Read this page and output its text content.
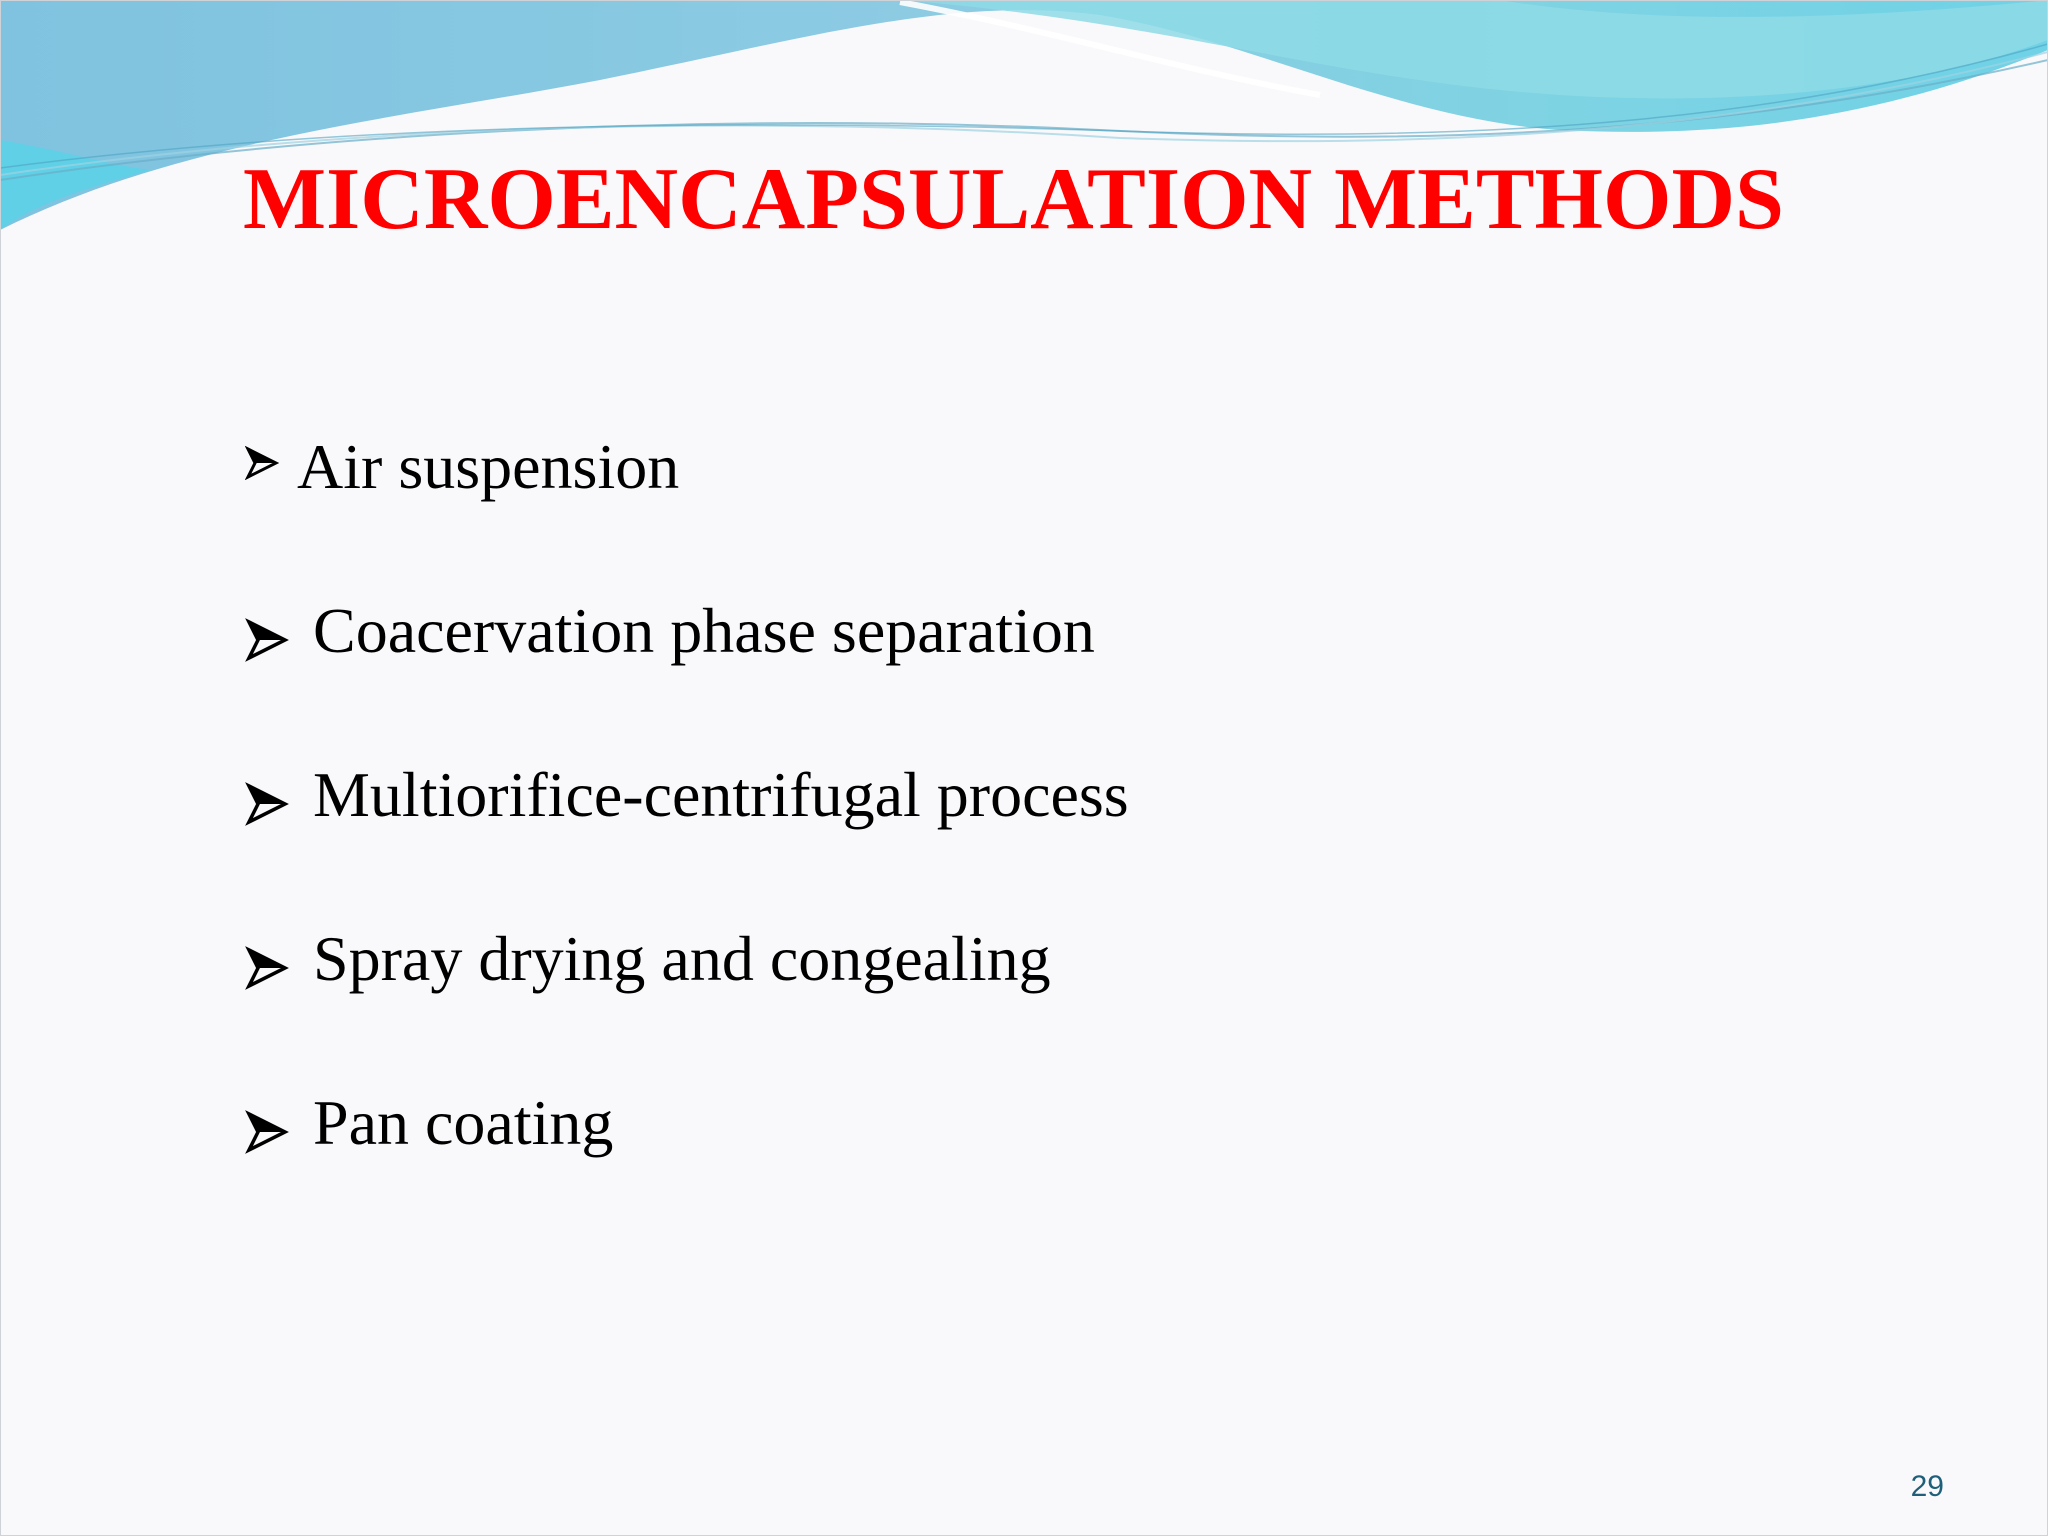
MICROENCAPSULATION METHODS
Air suspension
Coacervation phase separation
Multiorifice-centrifugal process
Spray drying and congealing
Pan coating
29
